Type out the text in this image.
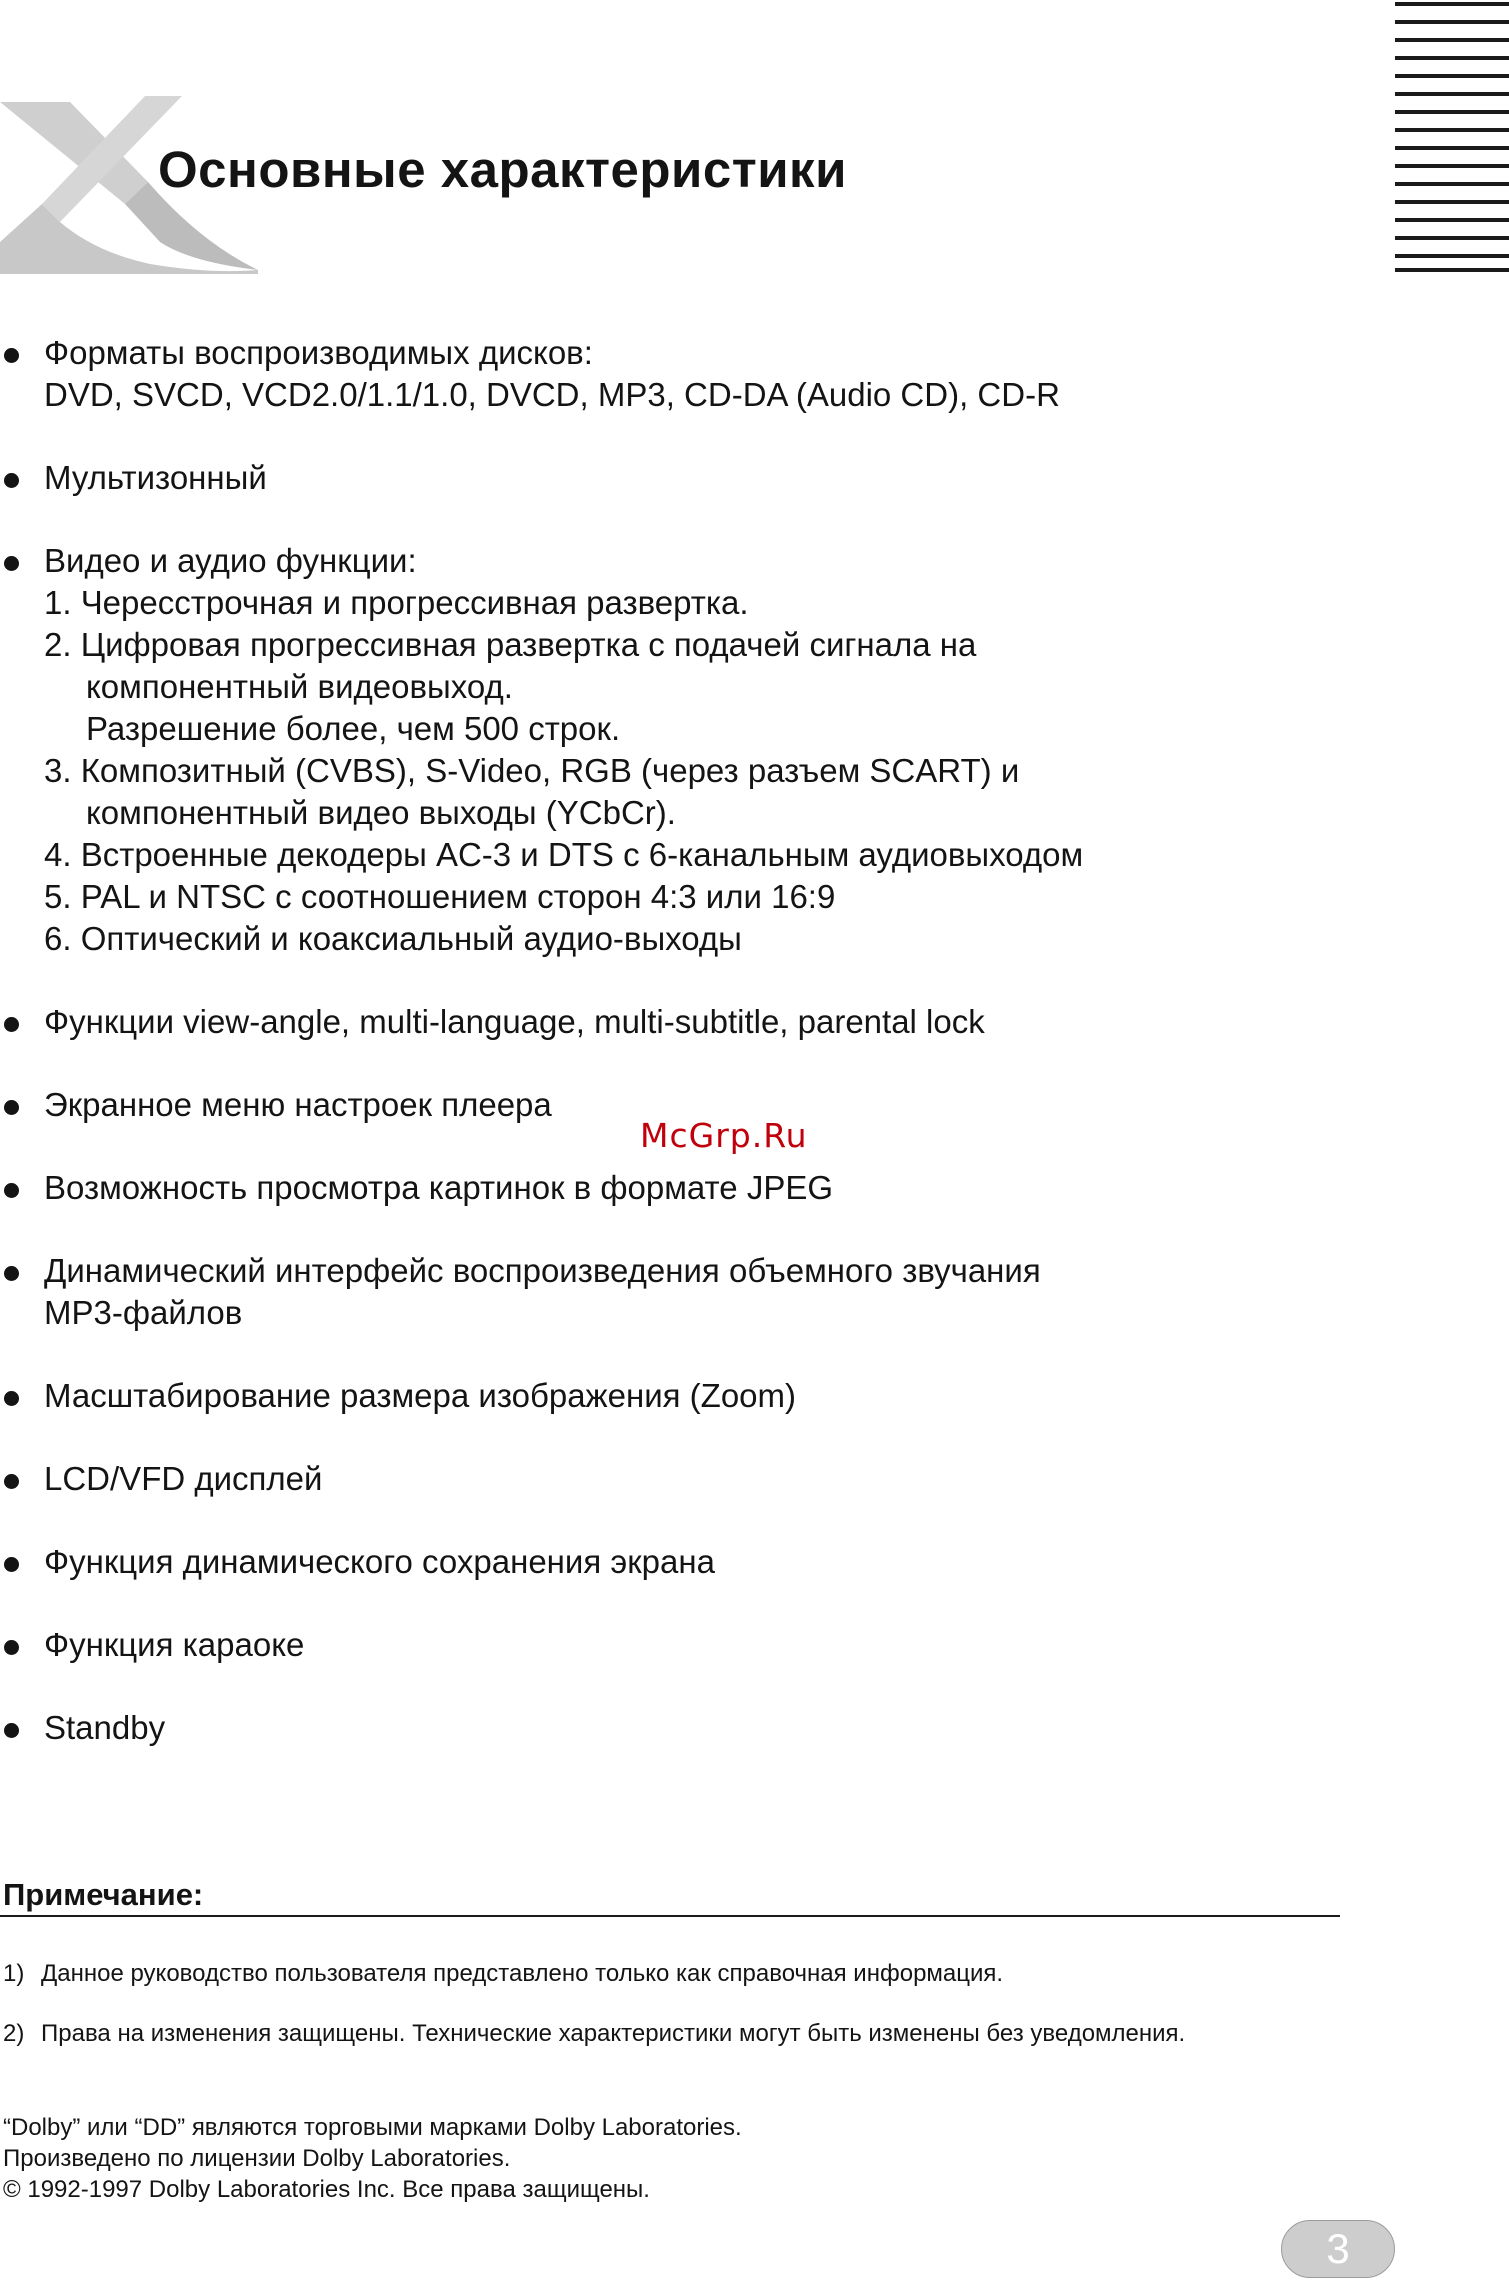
Основные характеристики

Форматы воспроизводимых дисков:

DVD, SVCD, VCD2.0/1.1/1.0, DVCD, MP3, CD-DA (Audio CD), CD-R

Мультизонный

Видео и аудио функции:

1. Чересстрочная и прогрессивная развертка.
2. Цифровая прогрессивная развертка с подачей сигнала на
компонентный видеовыход.
Разрешение более, чем 500 строк.
3. Композитный (CVBS), S-Video, RGB (через разъем SCART) и
компонентный видео выходы (YCbCr).
4. Встроенные декодеры AC-3 и DTS с 6-канальным аудиовыходом
5. PAL и NTSC с соотношением сторон 4:3 или 16:9
6. Оптический и коаксиальный аудио-выходы

Функции view-angle, multi-language, multi-subtitle, parental lock

Экранное меню настроек плеера

Возможность просмотра картинок в формате JPEG

Динамический интерфейс воспроизведения объемного звучания

MP3-файлов

Масштабирование размера изображения (Zoom)

LCD/VFD дисплей

Функция динамического сохранения экрана

Функция караоке

Standby

McGrp.Ru

Примечание:
1) Данное руководство пользователя представлено только как справочная информация.
2) Права на изменения защищены. Технические характеристики могут быть изменены без уведомления.

“Dolby” или “DD” являются торговыми марками Dolby Laboratories.
Произведено по лицензии Dolby Laboratories.
© 1992-1997 Dolby Laboratories Inc. Все права защищены.

3
